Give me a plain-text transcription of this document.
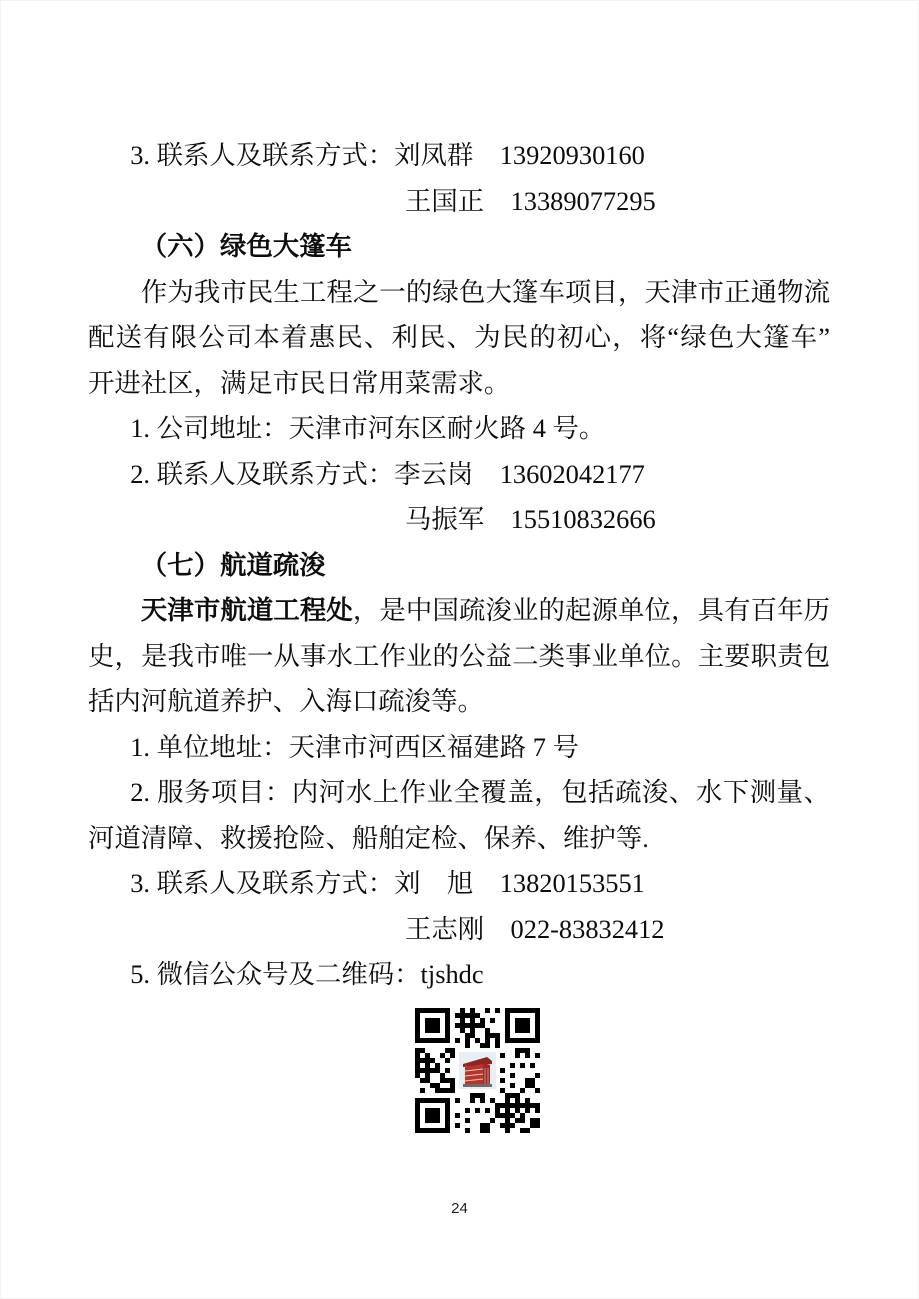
3. 联系人及联系方式：刘凤群　13920930160
王国正　13389077295
（六）绿色大篷车
作为我市民生工程之一的绿色大篷车项目，天津市正通物流
配送有限公司本着惠民、利民、为民的初心，将“绿色大篷车”
开进社区，满足市民日常用菜需求。
1. 公司地址：天津市河东区耐火路 4 号。
2. 联系人及联系方式：李云岗　13602042177
马振军　15510832666
（七）航道疏浚
天津市航道工程处，是中国疏浚业的起源单位，具有百年历
史，是我市唯一从事水工作业的公益二类事业单位。主要职责包
括内河航道养护、入海口疏浚等。
1. 单位地址：天津市河西区福建路 7 号
2. 服务项目：内河水上作业全覆盖，包括疏浚、水下测量、
河道清障、救援抢险、船舶定检、保养、维护等.
3. 联系人及联系方式：刘　旭　13820153551
王志刚　022-83832412
5. 微信公众号及二维码：tjshdc
24
